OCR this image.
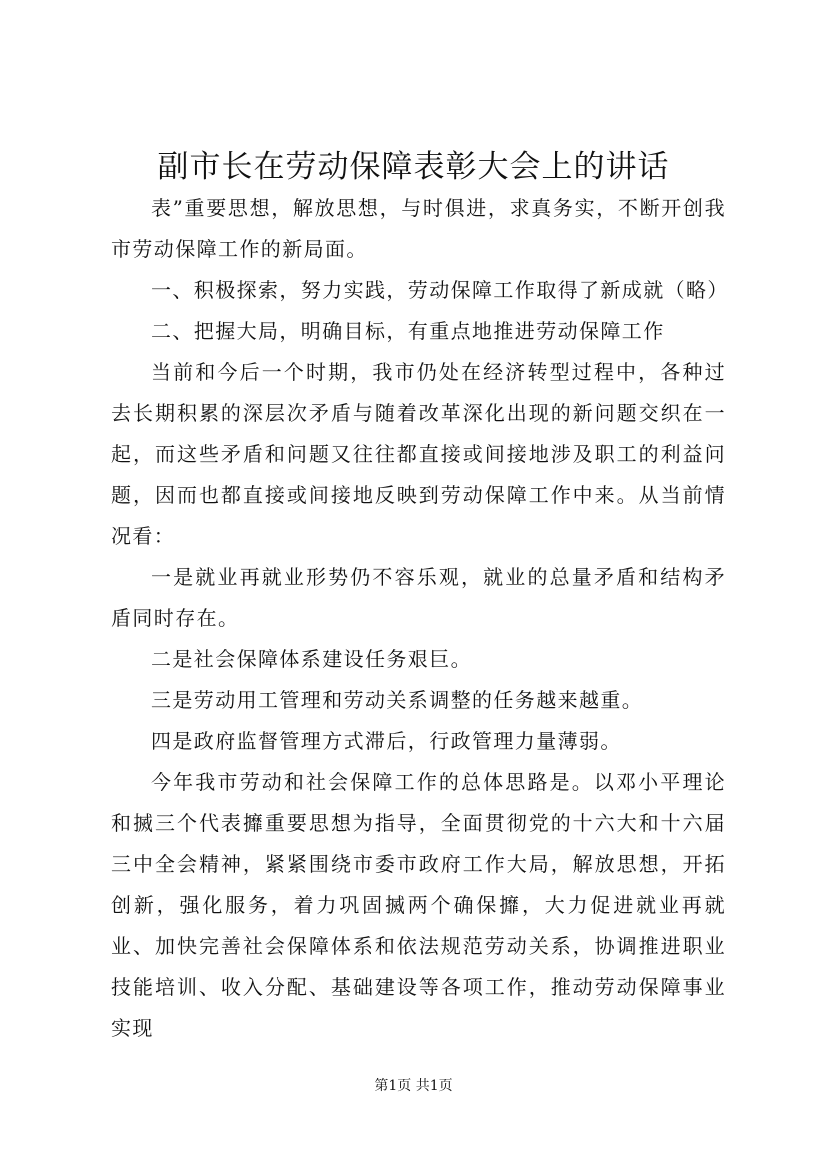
副市长在劳动保障表彰大会上的讲话

表”重要思想，解放思想，与时俱进，求真务实，不断开创我市劳动保障工作的新局面。

一、积极探索，努力实践，劳动保障工作取得了新成就（略）

二、把握大局，明确目标，有重点地推进劳动保障工作

当前和今后一个时期，我市仍处在经济转型过程中，各种过去长期积累的深层次矛盾与随着改革深化出现的新问题交织在一起，而这些矛盾和问题又往往都直接或间接地涉及职工的利益问题，因而也都直接或间接地反映到劳动保障工作中来。从当前情况看：

一是就业再就业形势仍不容乐观，就业的总量矛盾和结构矛盾同时存在。

二是社会保障体系建设任务艰巨。

三是劳动用工管理和劳动关系调整的任务越来越重。

四是政府监督管理方式滞后，行政管理力量薄弱。

今年我市劳动和社会保障工作的总体思路是。以邓小平理论和搣三个代表攠重要思想为指导，全面贯彻党的十六大和十六届三中全会精神，紧紧围绕市委市政府工作大局，解放思想，开拓创新，强化服务，着力巩固搣两个确保攠，大力促进就业再就业、加快完善社会保障体系和依法规范劳动关系，协调推进职业技能培训、收入分配、基础建设等各项工作，推动劳动保障事业实现

第1页 共1页
